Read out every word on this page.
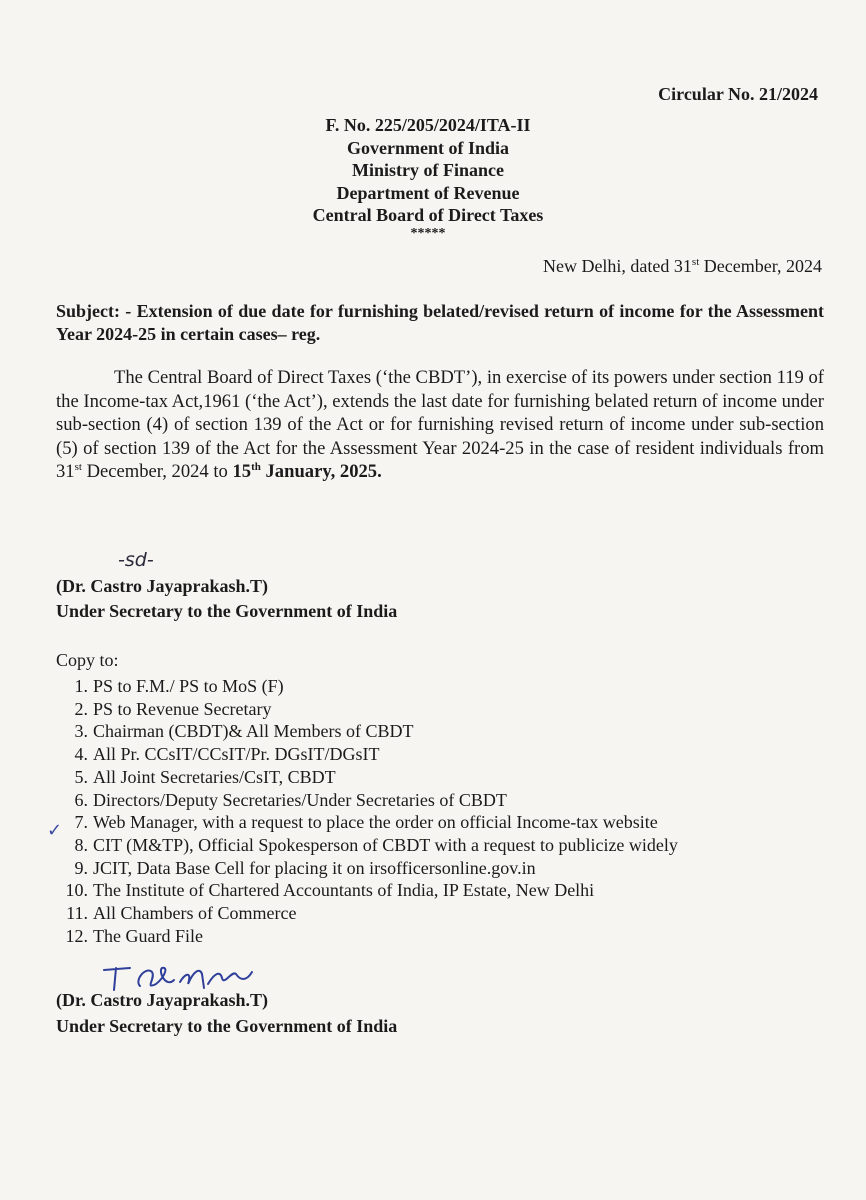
Circular No. 21/2024
F. No. 225/205/2024/ITA-II
Government of India
Ministry of Finance
Department of Revenue
Central Board of Direct Taxes
*****
New Delhi, dated 31st December, 2024
Subject: - Extension of due date for furnishing belated/revised return of income for the Assessment Year 2024-25 in certain cases– reg.
The Central Board of Direct Taxes (‘the CBDT’), in exercise of its powers under section 119 of the Income-tax Act,1961 (‘the Act’), extends the last date for furnishing belated return of income under sub-section (4) of section 139 of the Act or for furnishing revised return of income under sub-section (5) of section 139 of the Act for the Assessment Year 2024-25 in the case of resident individuals from 31st December, 2024 to 15th January, 2025.
-sd-
(Dr. Castro Jayaprakash.T)
Under Secretary to the Government of India
Copy to:
1. PS to F.M./ PS to MoS (F)
2. PS to Revenue Secretary
3. Chairman (CBDT)& All Members of CBDT
4. All Pr. CCsIT/CCsIT/Pr. DGsIT/DGsIT
5. All Joint Secretaries/CsIT, CBDT
6. Directors/Deputy Secretaries/Under Secretaries of CBDT
7. Web Manager, with a request to place the order on official Income-tax website
8. CIT (M&TP), Official Spokesperson of CBDT with a request to publicize widely
9. JCIT, Data Base Cell for placing it on irsofficersonline.gov.in
10. The Institute of Chartered Accountants of India, IP Estate, New Delhi
11. All Chambers of Commerce
12. The Guard File
✓
(Dr. Castro Jayaprakash.T)
Under Secretary to the Government of India
